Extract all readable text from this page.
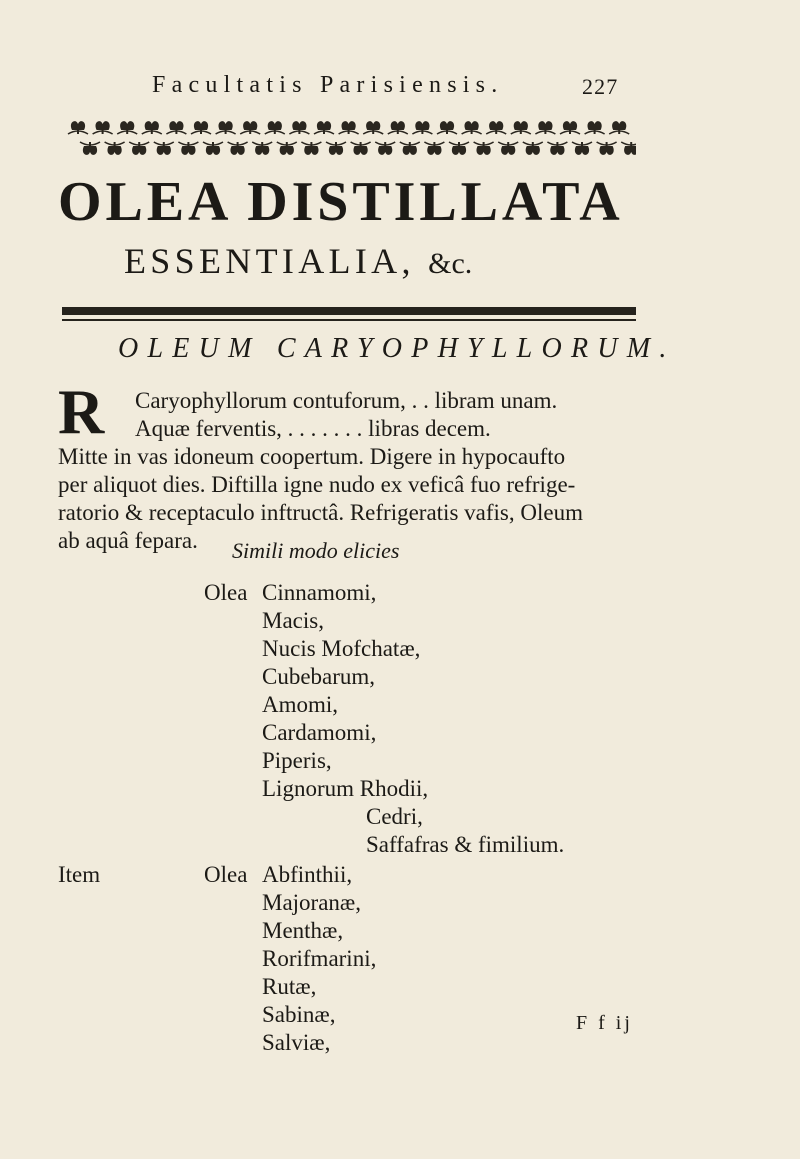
Facultatis Parisiensis.	227
OLEA DISTILLATA
ESSENTIALIA, &c.
OLEUM CARYOPHYLLORUM.
R Caryophyllorum contuforum, . . libram unam.
Aquæ ferventis, . . . . . . . libras decem.
Mitte in vas idoneum coopertum. Digere in hypocaufto
per aliquot dies. Diftilla igne nudo ex veficâ fuo refrige-
ratorio & receptaculo inftructâ. Refrigeratis vafis, Oleum
ab aquâ fepara. Simili modo elicies
Olea Cinnamomi,
Macis,
Nucis Mofchatæ,
Cubebarum,
Amomi,
Cardamomi,
Piperis,
Lignorum Rhodii,
Cedri,
Saffafras & fimilium.
Item	Olea Abfinthii,
Majoranæ,
Menthæ,
Rorifmarini,
Rutæ,
Sabinæ,
Salviæ,
F f ij
